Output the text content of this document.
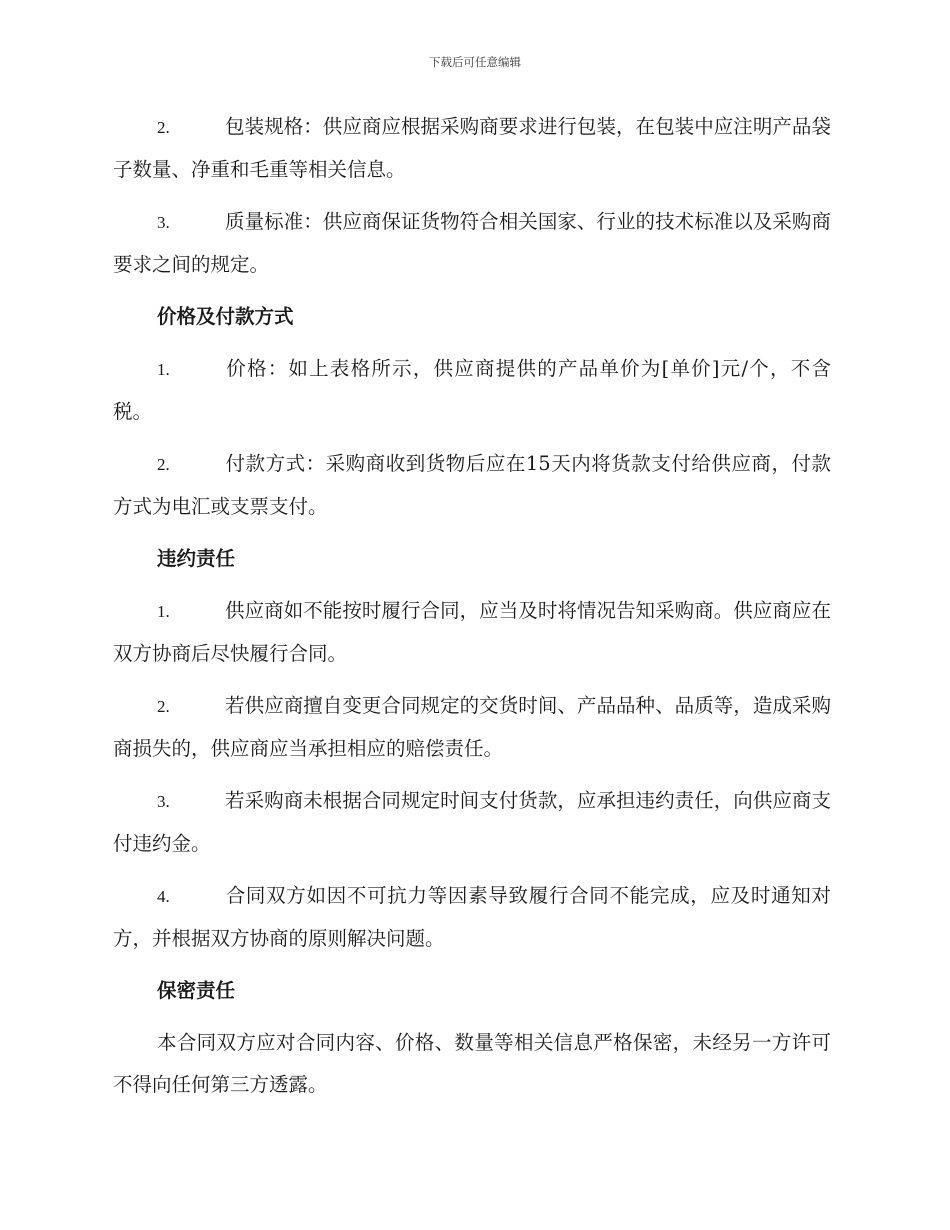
下载后可任意编辑

2.	包装规格：供应商应根据采购商要求进行包装，在包装中应注明产品袋子数量、净重和毛重等相关信息。

3.	质量标准：供应商保证货物符合相关国家、行业的技术标准以及采购商要求之间的规定。

价格及付款方式

1.	价格：如上表格所示，供应商提供的产品单价为[单价]元/个，不含税。

2.	付款方式：采购商收到货物后应在15天内将货款支付给供应商，付款方式为电汇或支票支付。

违约责任

1.	供应商如不能按时履行合同，应当及时将情况告知采购商。供应商应在双方协商后尽快履行合同。

2.	若供应商擅自变更合同规定的交货时间、产品品种、品质等，造成采购商损失的，供应商应当承担相应的赔偿责任。

3.	若采购商未根据合同规定时间支付货款，应承担违约责任，向供应商支付违约金。

4.	合同双方如因不可抗力等因素导致履行合同不能完成，应及时通知对方，并根据双方协商的原则解决问题。

保密责任

本合同双方应对合同内容、价格、数量等相关信息严格保密，未经另一方许可不得向任何第三方透露。
